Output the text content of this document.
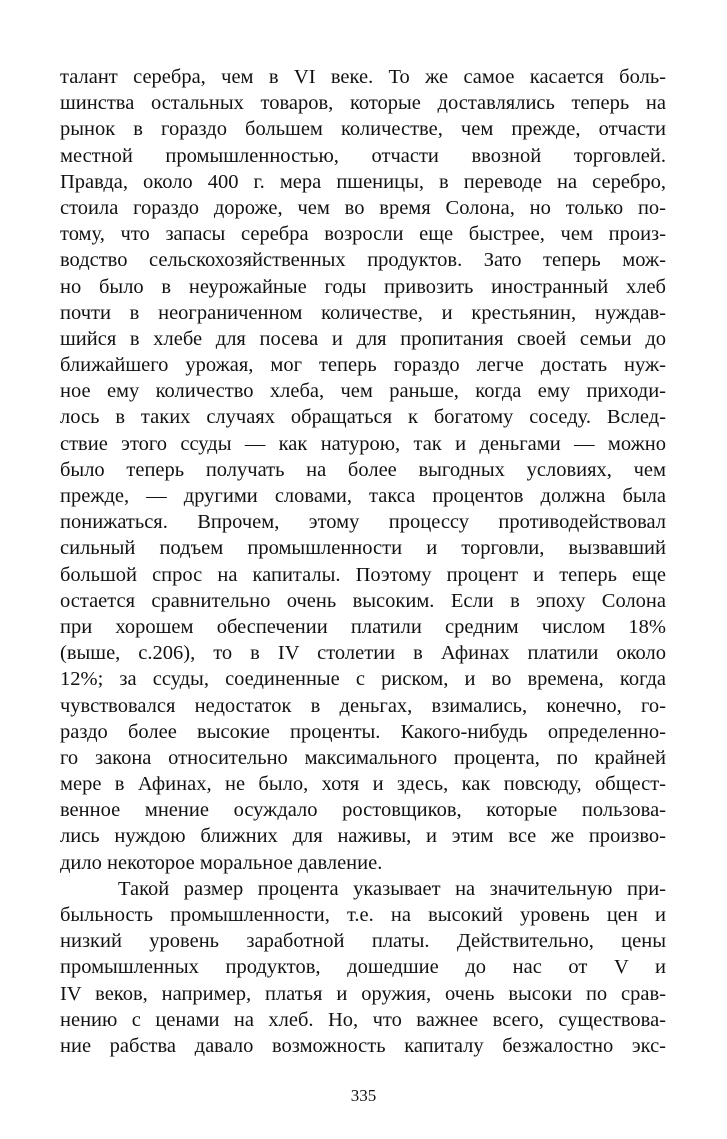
талант серебра, чем в VI веке. То же самое касается боль-
шинства остальных товаров, которые доставлялись теперь на
рынок в гораздо большем количестве, чем прежде, отчасти
местной промышленностью, отчасти ввозной торговлей.
Правда, около 400 г. мера пшеницы, в переводе на серебро,
стоила гораздо дороже, чем во время Солона, но только по-
тому, что запасы серебра возросли еще быстрее, чем произ-
водство сельскохозяйственных продуктов. Зато теперь мож-
но было в неурожайные годы привозить иностранный хлеб
почти в неограниченном количестве, и крестьянин, нуждав-
шийся в хлебе для посева и для пропитания своей семьи до
ближайшего урожая, мог теперь гораздо легче достать нуж-
ное ему количество хлеба, чем раньше, когда ему приходи-
лось в таких случаях обращаться к богатому соседу. Вслед-
ствие этого ссуды — как натурою, так и деньгами — можно
было теперь получать на более выгодных условиях, чем
прежде, — другими словами, такса процентов должна была
понижаться. Впрочем, этому процессу противодействовал
сильный подъем промышленности и торговли, вызвавший
большой спрос на капиталы. Поэтому процент и теперь еще
остается сравнительно очень высоким. Если в эпоху Солона
при хорошем обеспечении платили средним числом 18%
(выше, с.206), то в IV столетии в Афинах платили около
12%; за ссуды, соединенные с риском, и во времена, когда
чувствовался недостаток в деньгах, взимались, конечно, го-
раздо более высокие проценты. Какого-нибудь определенно-
го закона относительно максимального процента, по крайней
мере в Афинах, не было, хотя и здесь, как повсюду, общест-
венное мнение осуждало ростовщиков, которые пользова-
лись нуждою ближних для наживы, и этим все же произво-
дило некоторое моральное давление.
Такой размер процента указывает на значительную при-
быльность промышленности, т.е. на высокий уровень цен и
низкий уровень заработной платы. Действительно, цены
промышленных продуктов, дошедшие до нас от V и
IV веков, например, платья и оружия, очень высоки по срав-
нению с ценами на хлеб. Но, что важнее всего, существова-
ние рабства давало возможность капиталу безжалостно экс-
335
